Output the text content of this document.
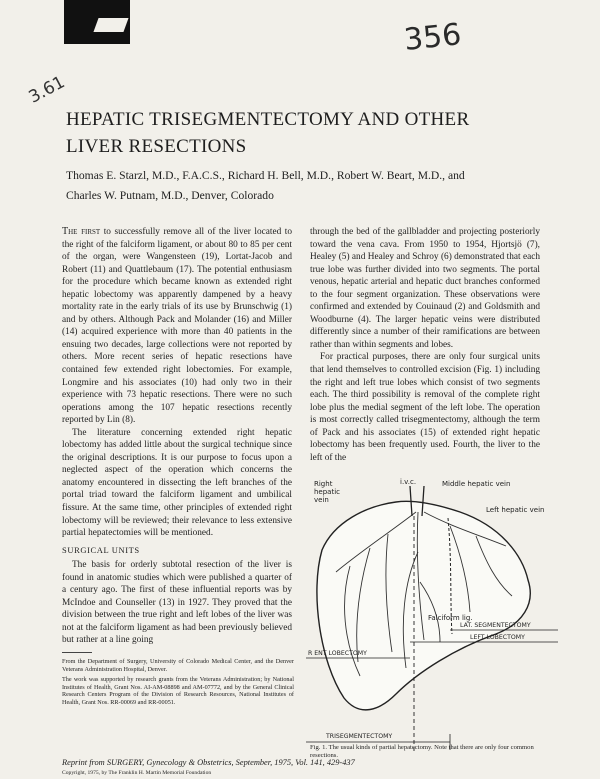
356
3.61
HEPATIC TRISEGMENTECTOMY AND OTHER LIVER RESECTIONS
Thomas E. Starzl, M.D., F.A.C.S., Richard H. Bell, M.D., Robert W. Beart, M.D., and
Charles W. Putnam, M.D., Denver, Colorado

The first to successfully remove all of the liver located to the right of the falciform ligament, or about 80 to 85 per cent of the organ, were Wangensteen (19), Lortat-Jacob and Robert (11) and Quattlebaum (17). The potential enthusiasm for the procedure which became known as extended right hepatic lobectomy was apparently dampened by a heavy mortality rate in the early trials of its use by Brunschwig (1) and by others. Although Pack and Molander (16) and Miller (14) acquired experience with more than 40 patients in the ensuing two decades, large collections were not reported by others. More recent series of hepatic resections have contained few extended right lobectomies. For example, Longmire and his associates (10) had only two in their experience with 73 hepatic resections. There were no such operations among the 107 hepatic resections recently reported by Lin (8).

The literature concerning extended right hepatic lobectomy has added little about the surgical technique since the original descriptions. It is our purpose to focus upon a neglected aspect of the operation which concerns the anatomy encountered in dissecting the left branches of the portal triad toward the falciform ligament and umbilical fissure. At the same time, other principles of extended right lobectomy will be reviewed; their relevance to less extensive partial hepatectomies will be mentioned.

SURGICAL UNITS

The basis for orderly subtotal resection of the liver is found in anatomic studies which were published a quarter of a century ago. The first of these influential reports was by McIndoe and Counseller (13) in 1927. They proved that the division between the true right and left lobes of the liver was not at the falciform ligament as had been previously believed but rather at a line going

From the Department of Surgery, University of Colorado Medical Center, and the Denver Veterans Administration Hospital, Denver.

The work was supported by research grants from the Veterans Administration; by National Institutes of Health, Grant Nos. AI-AM-08898 and AM-07772, and by the General Clinical Research Centers Program of the Division of Research Resources, National Institutes of Health, Grant Nos. RR-00069 and RR-00051.

through the bed of the gallbladder and projecting posteriorly toward the vena cava. From 1950 to 1954, Hjortsjö (7), Healey (5) and Healey and Schroy (6) demonstrated that each true lobe was further divided into two segments. The portal venous, hepatic arterial and hepatic duct branches conformed to the four segment organization. These observations were confirmed and extended by Couinaud (2) and Goldsmith and Woodburne (4). The larger hepatic veins were distributed differently since a number of their ramifications are between rather than within segments and lobes.

For practical purposes, there are only four surgical units that lend themselves to controlled excision (Fig. 1) including the right and left true lobes which consist of two segments each. The third possibility is removal of the complete right lobe plus the medial segment of the left lobe. The operation is most correctly called trisegmentectomy, although the term of Pack and his associates (15) of extended right hepatic lobectomy has been frequently used. Fourth, the liver to the left of the

Right
hepatic
vein
i.v.c.	Middle hepatic vein
Left hepatic vein
Falciform lig.
LAT. SEGMENTECTOMY
LEFT LOBECTOMY
R ENT LOBECTOMY
TRISEGMENTECTOMY

Fig. 1. The usual kinds of partial hepatectomy. Note that there are only four common resections.

Reprint from SURGERY, Gynecology & Obstetrics, September, 1975, Vol. 141, 429-437
Copyright, 1975, by The Franklin H. Martin Memorial Foundation
